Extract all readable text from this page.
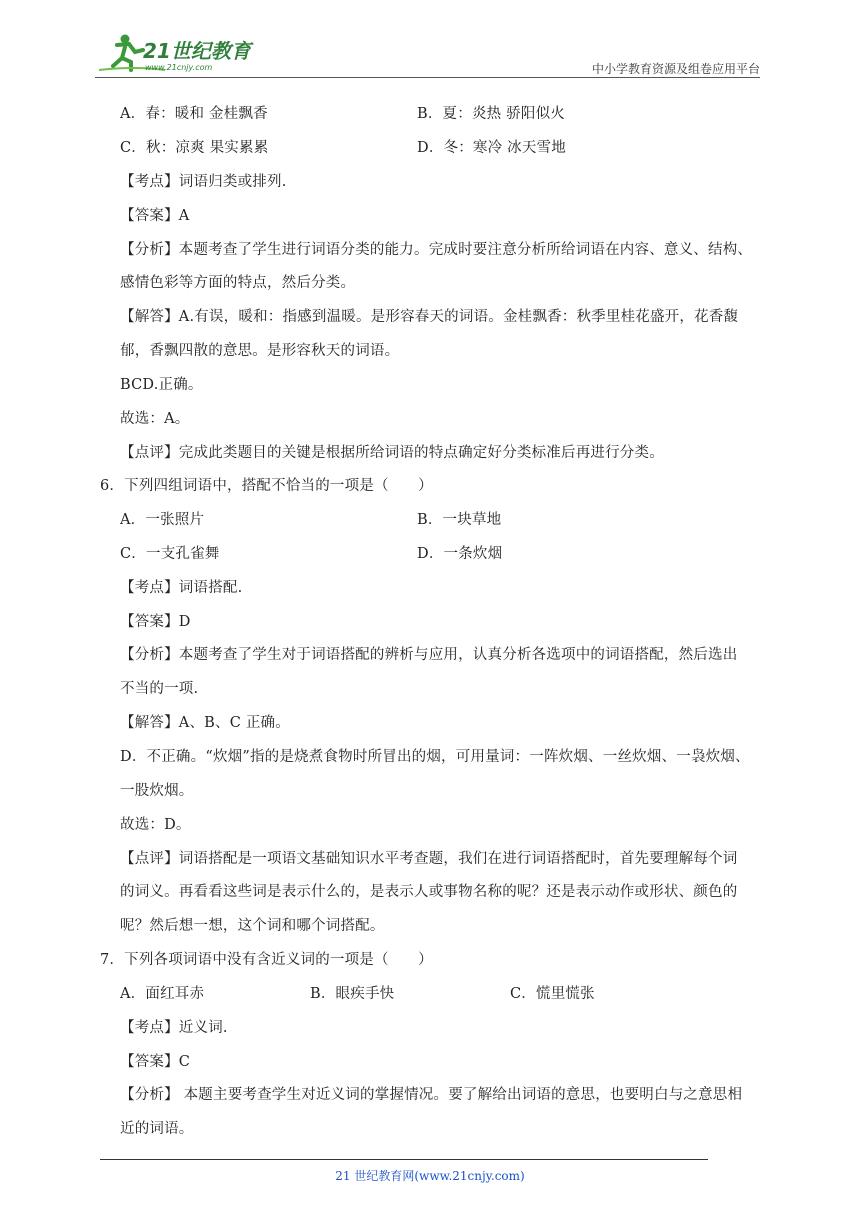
21世纪教育
www.21cnjy.com	中小学教育资源及组卷应用平台
A．春：暖和 金桂飘香	B．夏：炎热 骄阳似火
C．秋：凉爽 果实累累	D．冬：寒冷 冰天雪地
【考点】词语归类或排列.
【答案】A
【分析】本题考查了学生进行词语分类的能力。完成时要注意分析所给词语在内容、意义、结构、
感情色彩等方面的特点，然后分类。
【解答】A.有误，暖和：指感到温暖。是形容春天的词语。金桂飘香：秋季里桂花盛开，花香馥
郁，香飘四散的意思。是形容秋天的词语。
BCD.正确。
故选：A。
【点评】完成此类题目的关键是根据所给词语的特点确定好分类标准后再进行分类。
6．下列四组词语中，搭配不恰当的一项是（　　）
A．一张照片	B．一块草地
C．一支孔雀舞	D．一条炊烟
【考点】词语搭配.
【答案】D
【分析】本题考查了学生对于词语搭配的辨析与应用，认真分析各选项中的词语搭配，然后选出
不当的一项.
【解答】A、B、C 正确。
D．不正确。“炊烟”指的是烧煮食物时所冒出的烟，可用量词：一阵炊烟、一丝炊烟、一袅炊烟、
一股炊烟。
故选：D。
【点评】词语搭配是一项语文基础知识水平考查题，我们在进行词语搭配时，首先要理解每个词
的词义。再看看这些词是表示什么的，是表示人或事物名称的呢？还是表示动作或形状、颜色的
呢？然后想一想，这个词和哪个词搭配。
7．下列各项词语中没有含近义词的一项是（　　）
A．面红耳赤	B．眼疾手快	C．慌里慌张
【考点】近义词.
【答案】C
【分析】 本题主要考查学生对近义词的掌握情况。要了解给出词语的意思，也要明白与之意思相
近的词语。
21 世纪教育网(www.21cnjy.com)
